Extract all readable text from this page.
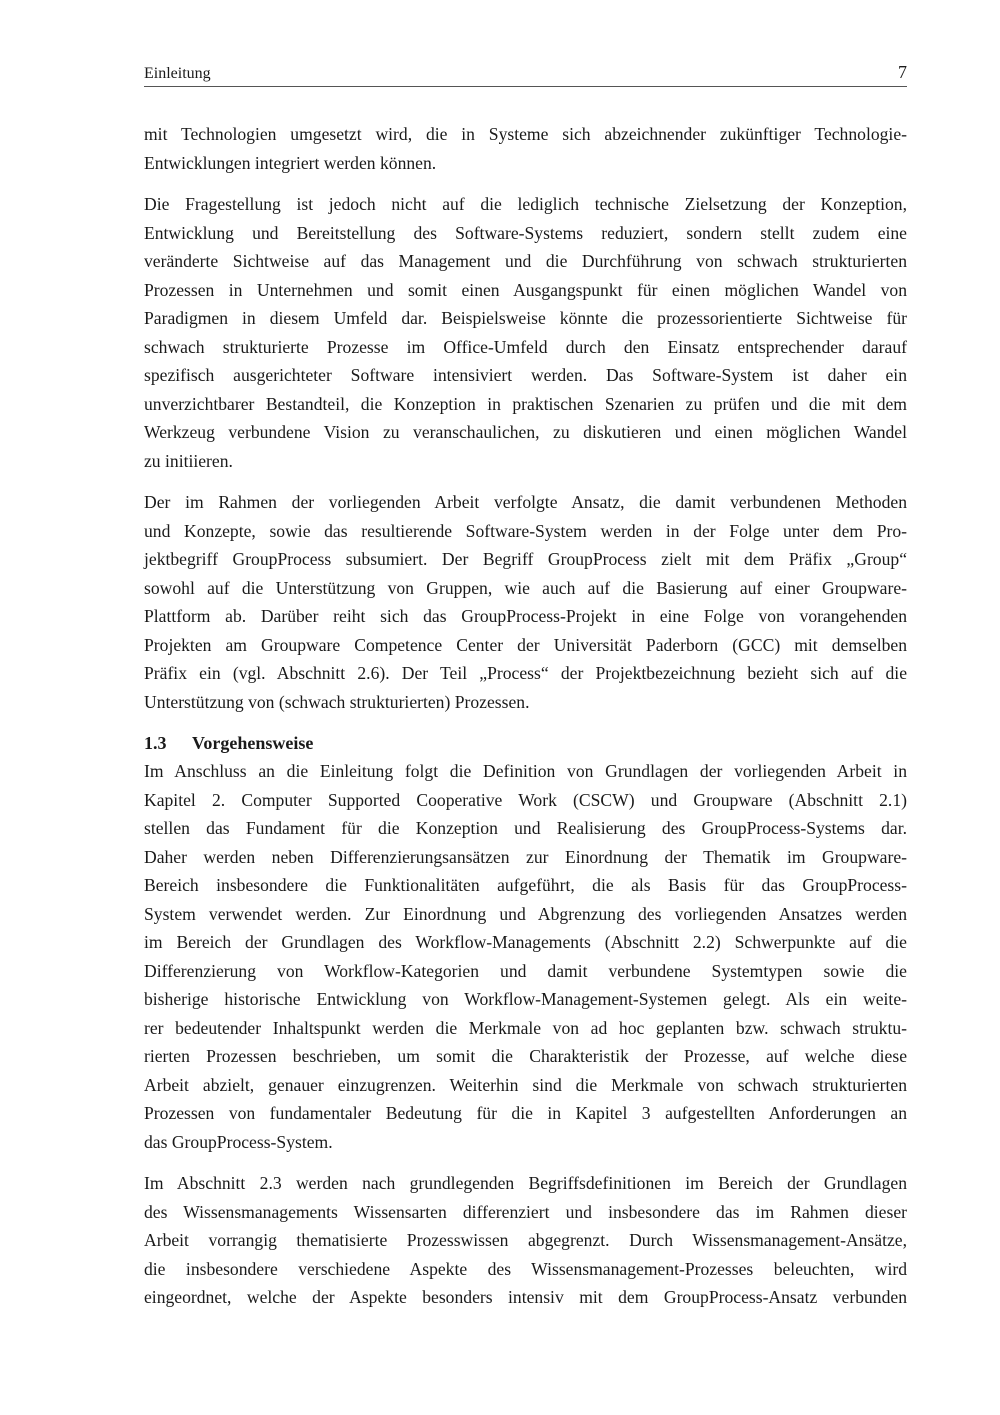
Einleitung	7

mit Technologien umgesetzt wird, die in Systeme sich abzeichnender zukünftiger Technologie-
Entwicklungen integriert werden können.

Die Fragestellung ist jedoch nicht auf die lediglich technische Zielsetzung der Konzeption,
Entwicklung und Bereitstellung des Software-Systems reduziert, sondern stellt zudem eine
veränderte Sichtweise auf das Management und die Durchführung von schwach strukturierten
Prozessen in Unternehmen und somit einen Ausgangspunkt für einen möglichen Wandel von
Paradigmen in diesem Umfeld dar. Beispielsweise könnte die prozessorientierte Sichtweise für
schwach strukturierte Prozesse im Office-Umfeld durch den Einsatz entsprechender darauf
spezifisch ausgerichteter Software intensiviert werden. Das Software-System ist daher ein
unverzichtbarer Bestandteil, die Konzeption in praktischen Szenarien zu prüfen und die mit dem
Werkzeug verbundene Vision zu veranschaulichen, zu diskutieren und einen möglichen Wandel
zu initiieren.

Der im Rahmen der vorliegenden Arbeit verfolgte Ansatz, die damit verbundenen Methoden
und Konzepte, sowie das resultierende Software-System werden in der Folge unter dem Pro-
jektbegriff GroupProcess subsumiert. Der Begriff GroupProcess zielt mit dem Präfix „Group“
sowohl auf die Unterstützung von Gruppen, wie auch auf die Basierung auf einer Groupware-
Plattform ab. Darüber reiht sich das GroupProcess-Projekt in eine Folge von vorangehenden
Projekten am Groupware Competence Center der Universität Paderborn (GCC) mit demselben
Präfix ein (vgl. Abschnitt 2.6). Der Teil „Process“ der Projektbezeichnung bezieht sich auf die
Unterstützung von (schwach strukturierten) Prozessen.

1.3 Vorgehensweise

Im Anschluss an die Einleitung folgt die Definition von Grundlagen der vorliegenden Arbeit in
Kapitel 2. Computer Supported Cooperative Work (CSCW) und Groupware (Abschnitt 2.1)
stellen das Fundament für die Konzeption und Realisierung des GroupProcess-Systems dar.
Daher werden neben Differenzierungsansätzen zur Einordnung der Thematik im Groupware-
Bereich insbesondere die Funktionalitäten aufgeführt, die als Basis für das GroupProcess-
System verwendet werden. Zur Einordnung und Abgrenzung des vorliegenden Ansatzes werden
im Bereich der Grundlagen des Workflow-Managements (Abschnitt 2.2) Schwerpunkte auf die
Differenzierung von Workflow-Kategorien und damit verbundene Systemtypen sowie die
bisherige historische Entwicklung von Workflow-Management-Systemen gelegt. Als ein weite-
rer bedeutender Inhaltspunkt werden die Merkmale von ad hoc geplanten bzw. schwach struktu-
rierten Prozessen beschrieben, um somit die Charakteristik der Prozesse, auf welche diese
Arbeit abzielt, genauer einzugrenzen. Weiterhin sind die Merkmale von schwach strukturierten
Prozessen von fundamentaler Bedeutung für die in Kapitel 3 aufgestellten Anforderungen an
das GroupProcess-System.

Im Abschnitt 2.3 werden nach grundlegenden Begriffsdefinitionen im Bereich der Grundlagen
des Wissensmanagements Wissensarten differenziert und insbesondere das im Rahmen dieser
Arbeit vorrangig thematisierte Prozesswissen abgegrenzt. Durch Wissensmanagement-Ansätze,
die insbesondere verschiedene Aspekte des Wissensmanagement-Prozesses beleuchten, wird
eingeordnet, welche der Aspekte besonders intensiv mit dem GroupProcess-Ansatz verbunden
